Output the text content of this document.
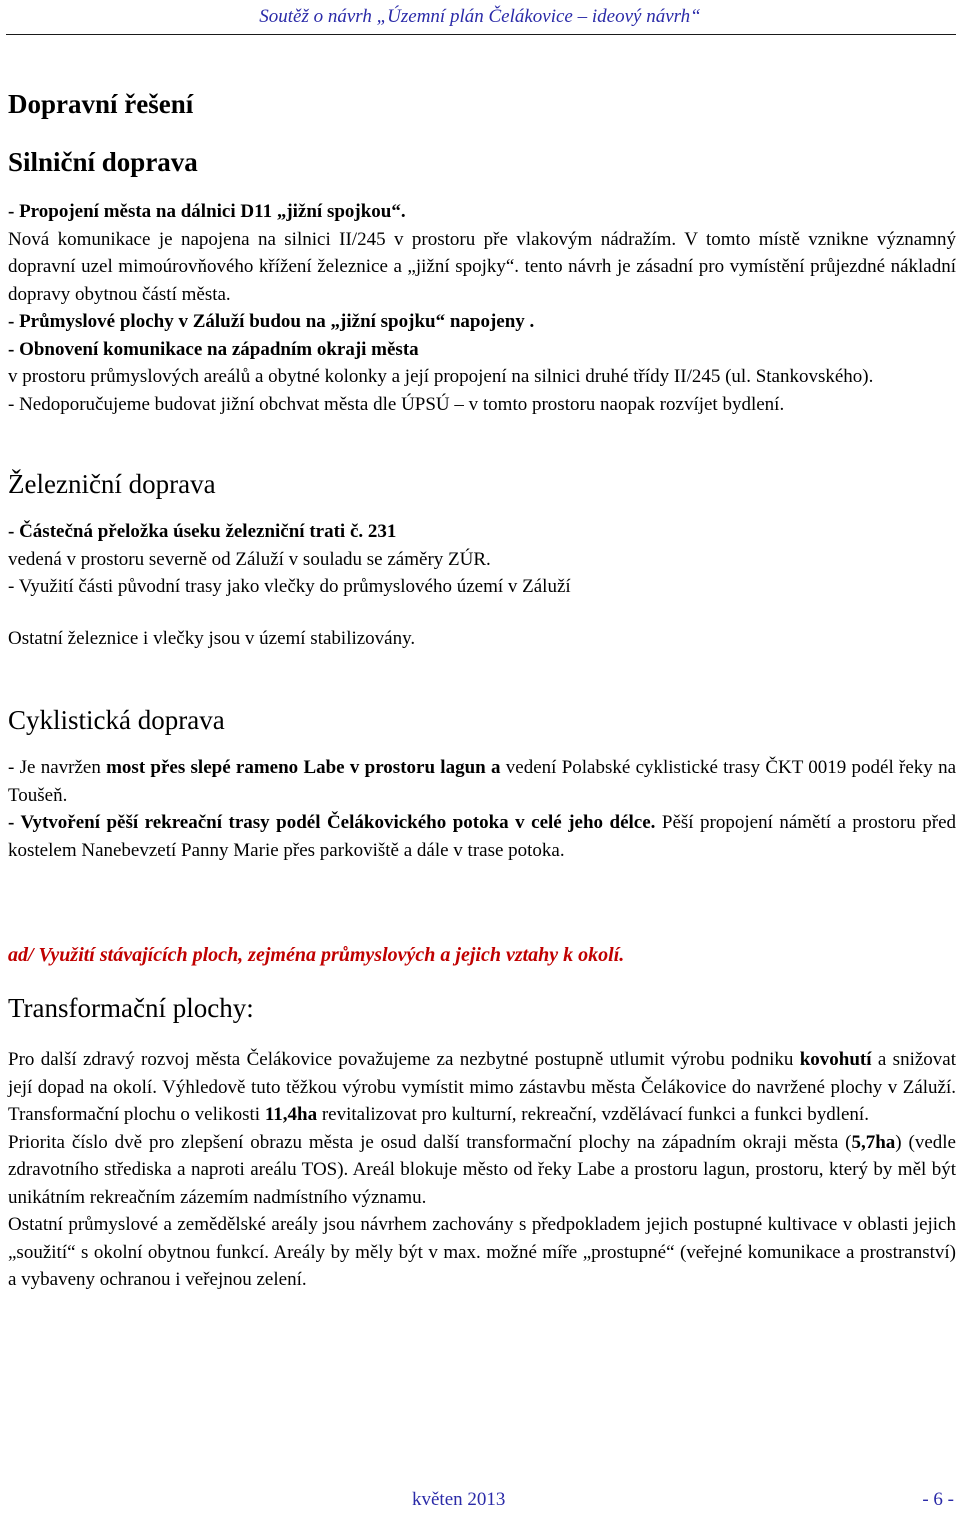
Soutěž o návrh „Územní plán Čelákovice – ideový návrh“
Dopravní řešení
Silniční doprava

- Propojení města na dálnici D11 „jižní spojkou“.

Nová komunikace je napojena na silnici II/245 v prostoru pře vlakovým nádražím. V tomto místě vznikne významný dopravní uzel mimoúrovňového křížení železnice a „jižní spojky“. tento návrh je zásadní pro vymístění průjezdné nákladní dopravy obytnou částí města.

- Průmyslové plochy v Záluží budou na „jižní spojku“ napojeny .

- Obnovení komunikace na západním okraji města

v prostoru průmyslových areálů a obytné kolonky a její propojení na silnici druhé třídy II/245 (ul. Stankovského).

- Nedoporučujeme budovat jižní obchvat města dle ÚPSÚ – v tomto prostoru naopak rozvíjet bydlení.

Železniční doprava

- Částečná přeložka úseku železniční trati č. 231

vedená v prostoru severně od Záluží v souladu se záměry ZÚR.

- Využití části původní trasy jako vlečky do průmyslového území v Záluží

Ostatní železnice i vlečky jsou v území stabilizovány.

Cyklistická doprava

- Je navržen most přes slepé rameno Labe v prostoru lagun a vedení Polabské cyklistické trasy ČKT 0019 podél řeky na Toušeň.

- Vytvoření pěší rekreační trasy podél Čelákovického potoka v celé jeho délce. Pěší propojení námětí a prostoru před kostelem Nanebevzetí Panny Marie přes parkoviště a dále v trase potoka.

ad/ Využití stávajících ploch, zejména průmyslových a jejich vztahy k okolí.

Transformační plochy:

Pro další zdravý rozvoj města Čelákovice považujeme za nezbytné postupně utlumit výrobu podniku kovohutí a snižovat její dopad na okolí. Výhledově tuto těžkou výrobu vymístit mimo zástavbu města Čelákovice do navržené plochy v Záluží. Transformační plochu o velikosti 11,4ha revitalizovat pro kulturní, rekreační, vzdělávací funkci a funkci bydlení.

Priorita číslo dvě pro zlepšení obrazu města je osud další transformační plochy na západním okraji města (5,7ha) (vedle zdravotního střediska a naproti areálu TOS). Areál blokuje město od řeky Labe a prostoru lagun, prostoru, který by měl být unikátním rekreačním zázemím nadmístního významu.

Ostatní průmyslové a zemědělské areály jsou návrhem zachovány s předpokladem jejich postupné kultivace v oblasti jejich „soužití“ s okolní obytnou funkcí. Areály by měly být v max. možné míře „prostupné“ (veřejné komunikace a prostranství) a vybaveny ochranou i veřejnou zelení.

květen 2013	- 6 -
